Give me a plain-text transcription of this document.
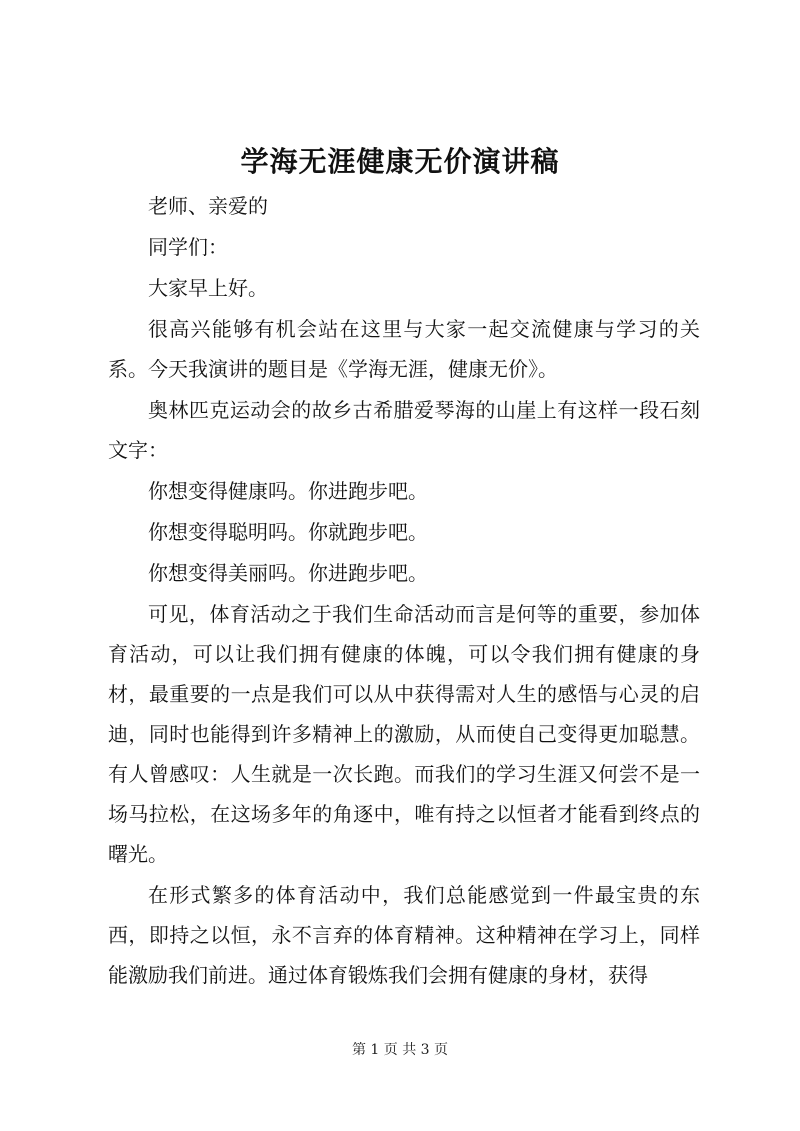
学海无涯健康无价演讲稿

老师、亲爱的

同学们：

大家早上好。

很高兴能够有机会站在这里与大家一起交流健康与学习的关系。今天我演讲的题目是《学海无涯，健康无价》。

奥林匹克运动会的故乡古希腊爱琴海的山崖上有这样一段石刻文字：

你想变得健康吗。你进跑步吧。

你想变得聪明吗。你就跑步吧。

你想变得美丽吗。你进跑步吧。

可见，体育活动之于我们生命活动而言是何等的重要，参加体育活动，可以让我们拥有健康的体魄，可以令我们拥有健康的身材，最重要的一点是我们可以从中获得需对人生的感悟与心灵的启迪，同时也能得到许多精神上的激励，从而使自己变得更加聪慧。有人曾感叹：人生就是一次长跑。而我们的学习生涯又何尝不是一场马拉松，在这场多年的角逐中，唯有持之以恒者才能看到终点的曙光。

在形式繁多的体育活动中，我们总能感觉到一件最宝贵的东西，即持之以恒，永不言弃的体育精神。这种精神在学习上，同样能激励我们前进。通过体育锻炼我们会拥有健康的身材，获得

第 1 页 共 3 页
